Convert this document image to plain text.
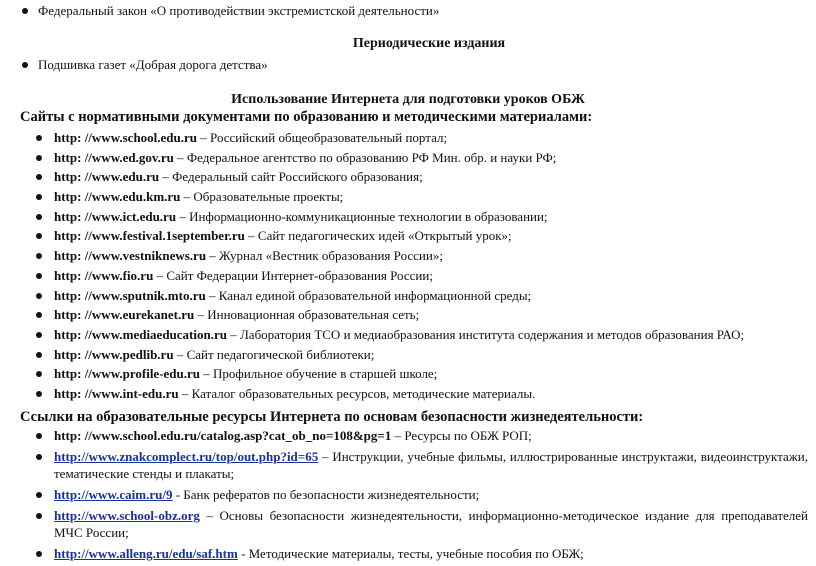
Федеральный закон «О противодействии экстремистской деятельности»
Периодические издания
Подшивка газет «Добрая дорога детства»
Использование Интернета для подготовки уроков ОБЖ
Сайты с нормативными документами по образованию и методическими материалами:
http: //www.school.edu.ru – Российский общеобразовательный портал;
http: //www.ed.gov.ru – Федеральное агентство по образованию РФ Мин. обр. и науки РФ;
http: //www.edu.ru – Федеральный сайт Российского образования;
http: //www.edu.km.ru – Образовательные проекты;
http: //www.ict.edu.ru – Информационно-коммуникационные технологии в образовании;
http: //www.festival.1september.ru – Сайт педагогических идей «Открытый урок»;
http: //www.vestniknews.ru – Журнал «Вестник образования России»;
http: //www.fio.ru – Сайт Федерации Интернет-образования России;
http: //www.sputnik.mto.ru – Канал единой образовательной информационной среды;
http: //www.eurekanet.ru – Инновационная образовательная сеть;
http: //www.mediaeducation.ru – Лаборатория ТСО и медиаобразования института содержания и методов образования РАО;
http: //www.pedlib.ru – Сайт педагогической библиотеки;
http: //www.profile-edu.ru – Профильное обучение в старшей школе;
http: //www.int-edu.ru – Каталог образовательных ресурсов, методические материалы.
Ссылки на образовательные ресурсы Интернета по основам безопасности жизнедеятельности:
http: //www.school.edu.ru/catalog.asp?cat_ob_no=108&pg=1 – Ресурсы по ОБЖ РОП;
http://www.znakcomplect.ru/top/out.php?id=65 – Инструкции, учебные фильмы, иллюстрированные инструктажи, видеоинструктажи, тематические стенды и плакаты;
http://www.caim.ru/9 - Банк рефератов по безопасности жизнедеятельности;
http://www.school-obz.org – Основы безопасности жизнедеятельности, информационно-методическое издание для преподавателей МЧС России;
http://www.alleng.ru/edu/saf.htm - Методические материалы, тесты, учебные пособия по ОБЖ;
